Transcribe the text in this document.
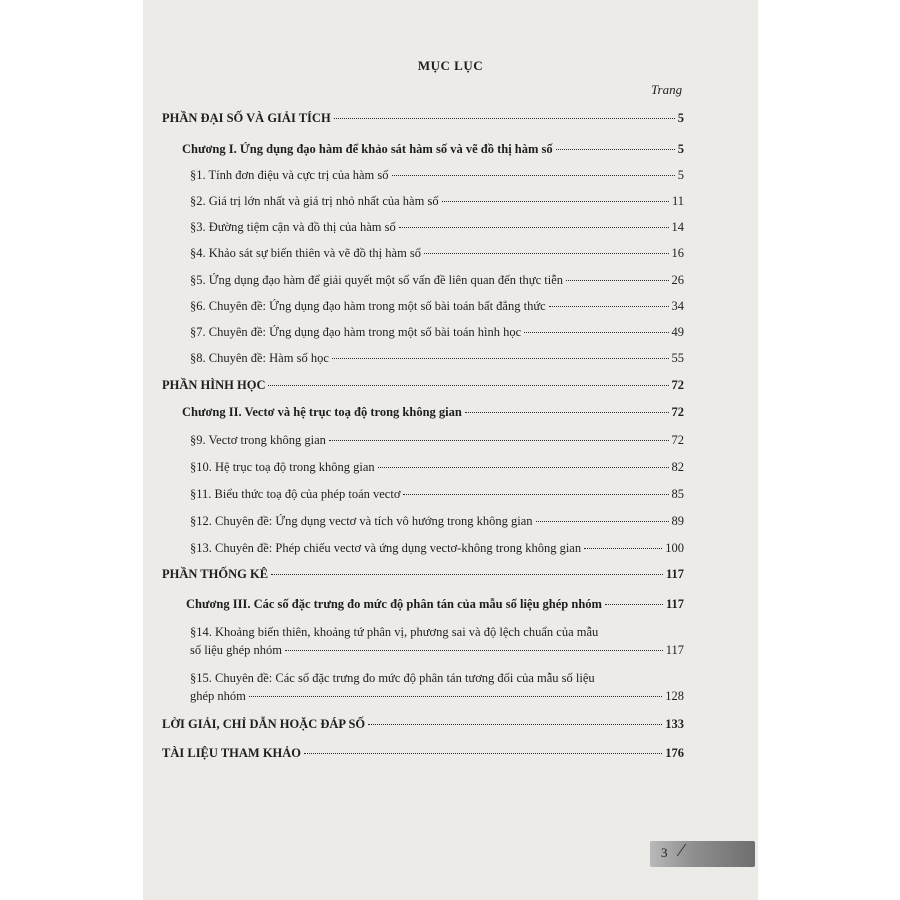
MỤC LỤC
Trang
PHẦN ĐẠI SỐ VÀ GIẢI TÍCH	5
Chương I. Ứng dụng đạo hàm để khảo sát hàm số và vẽ đồ thị hàm số	5
§1. Tính đơn điệu và cực trị của hàm số	5
§2. Giá trị lớn nhất và giá trị nhỏ nhất của hàm số	11
§3. Đường tiệm cận và đồ thị của hàm số	14
§4. Khảo sát sự biến thiên và vẽ đồ thị hàm số	16
§5. Ứng dụng đạo hàm để giải quyết một số vấn đề liên quan đến thực tiễn	26
§6. Chuyên đề: Ứng dụng đạo hàm trong một số bài toán bất đẳng thức	34
§7. Chuyên đề: Ứng dụng đạo hàm trong một số bài toán hình học	49
§8. Chuyên đề: Hàm số học	55
PHẦN HÌNH HỌC	72
Chương II. Vectơ và hệ trục toạ độ trong không gian	72
§9. Vectơ trong không gian	72
§10. Hệ trục toạ độ trong không gian	82
§11. Biểu thức toạ độ của phép toán vectơ	85
§12. Chuyên đề: Ứng dụng vectơ và tích vô hướng trong không gian	89
§13. Chuyên đề: Phép chiếu vectơ và ứng dụng vectơ-không trong không gian	100
PHẦN THỐNG KÊ	117
Chương III. Các số đặc trưng đo mức độ phân tán của mẫu số liệu ghép nhóm	117
§14. Khoảng biến thiên, khoảng tứ phân vị, phương sai và độ lệch chuẩn của mẫu
số liệu ghép nhóm	117
§15. Chuyên đề: Các số đặc trưng đo mức độ phân tán tương đối của mẫu số liệu
ghép nhóm	128
LỜI GIẢI, CHỈ DẪN HOẶC ĐÁP SỐ	133
TÀI LIỆU THAM KHẢO	176
3 ⁄
